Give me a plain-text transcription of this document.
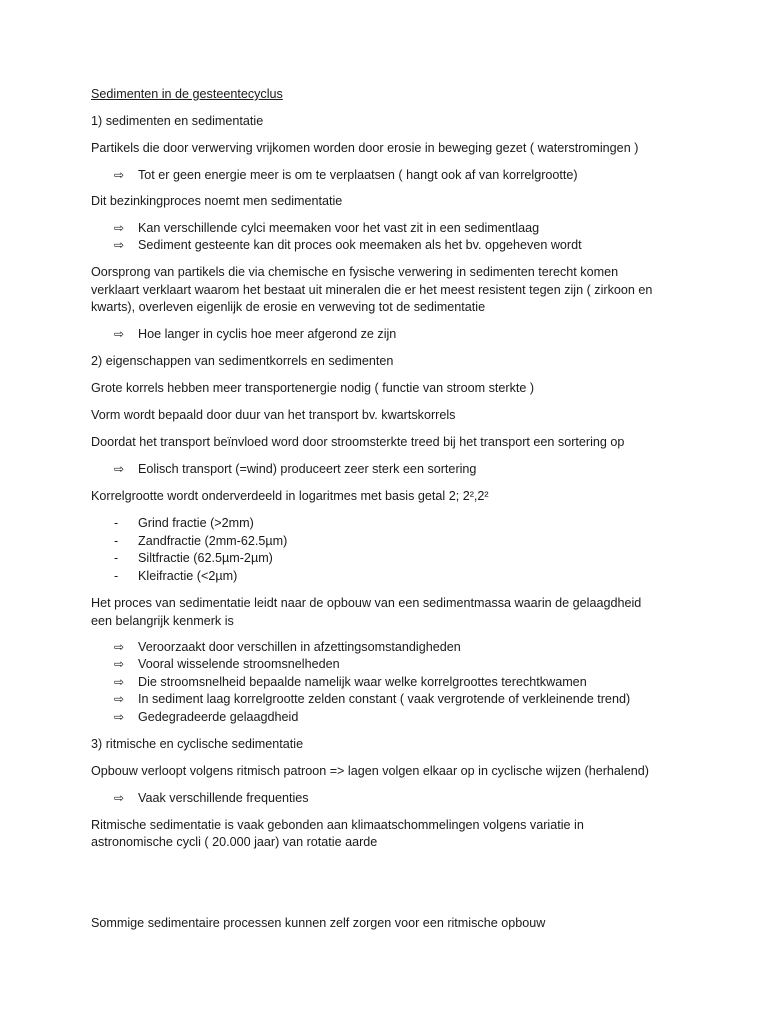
Sedimenten in de gesteentecyclus
1) sedimenten en sedimentatie
Partikels die door verwerving vrijkomen worden door erosie in beweging gezet ( waterstromingen )
⇨ Tot er geen energie meer is om te verplaatsen ( hangt ook af van korrelgrootte)
Dit bezinkingproces noemt men sedimentatie
⇨ Kan verschillende cylci meemaken voor het vast zit in een sedimentlaag
⇨ Sediment gesteente kan dit proces ook meemaken als het bv. opgeheven wordt
Oorsprong van partikels die via chemische en fysische verwering in sedimenten terecht komen
verklaart verklaart waarom het bestaat uit mineralen die er het meest resistent tegen zijn ( zirkoon en
kwarts), overleven eigenlijk de erosie en verweving tot de sedimentatie
⇨ Hoe langer in cyclis hoe meer afgerond ze zijn
2) eigenschappen van sedimentkorrels en sedimenten
Grote korrels hebben meer transportenergie nodig ( functie van stroom sterkte )
Vorm wordt bepaald door duur van het transport bv. kwartskorrels
Doordat het transport beïnvloed word door stroomsterkte treed bij het transport een sortering op
⇨ Eolisch transport (=wind) produceert zeer sterk een sortering
Korrelgrootte wordt onderverdeeld in logaritmes met basis getal 2; 2²,2²
- Grind fractie (>2mm)
- Zandfractie (2mm-62.5µm)
- Siltfractie (62.5µm-2µm)
- Kleifractie (<2µm)
Het proces van sedimentatie leidt naar de opbouw van een sedimentmassa waarin de gelaagdheid
een belangrijk kenmerk is
⇨ Veroorzaakt door verschillen in afzettingsomstandigheden
⇨ Vooral wisselende stroomsnelheden
⇨ Die stroomsnelheid bepaalde namelijk waar welke korrelgroottes terechtkwamen
⇨ In sediment laag korrelgrootte zelden constant ( vaak vergrotende of verkleinende trend)
⇨ Gedegradeerde gelaagdheid
3) ritmische en cyclische sedimentatie
Opbouw verloopt volgens ritmisch patroon => lagen volgen elkaar op in cyclische wijzen (herhalend)
⇨ Vaak verschillende frequenties
Ritmische sedimentatie is vaak gebonden aan klimaatschommelingen volgens variatie in
astronomische cycli ( 20.000 jaar) van rotatie aarde
Sommige sedimentaire processen kunnen zelf zorgen voor een ritmische opbouw
